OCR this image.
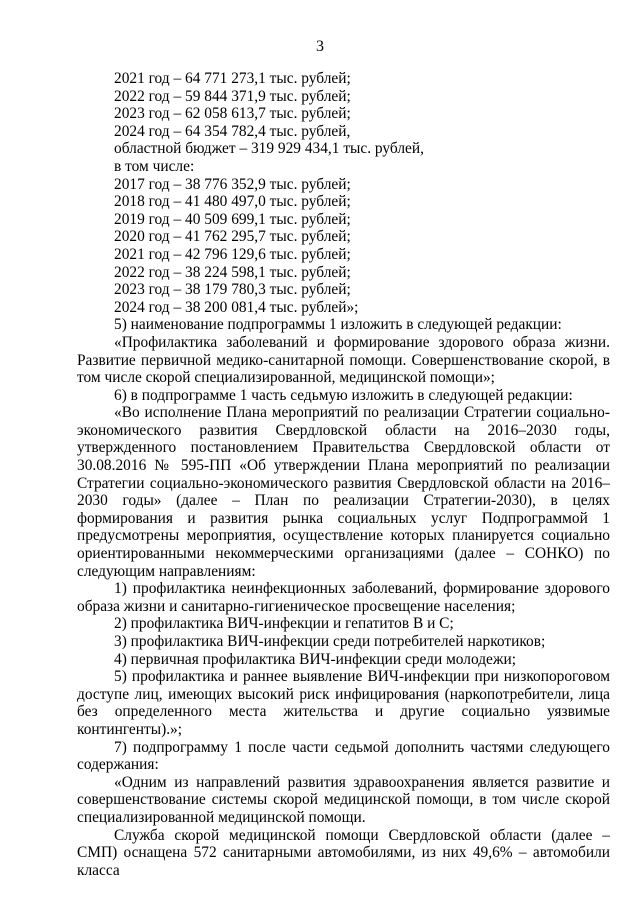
3

2021 год – 64 771 273,1 тыс. рублей;

2022 год – 59 844 371,9 тыс. рублей;

2023 год – 62 058 613,7 тыс. рублей;

2024 год – 64 354 782,4 тыс. рублей,

областной бюджет – 319 929 434,1 тыс. рублей,

в том числе:

2017 год – 38 776 352,9 тыс. рублей;

2018 год – 41 480 497,0 тыс. рублей;

2019 год – 40 509 699,1 тыс. рублей;

2020 год – 41 762 295,7 тыс. рублей;

2021 год – 42 796 129,6 тыс. рублей;

2022 год – 38 224 598,1 тыс. рублей;

2023 год – 38 179 780,3 тыс. рублей;

2024 год – 38 200 081,4 тыс. рублей»;

5) наименование подпрограммы 1 изложить в следующей редакции:

«Профилактика заболеваний и формирование здорового образа жизни. Развитие первичной медико-санитарной помощи. Совершенствование скорой, в том числе скорой специализированной, медицинской помощи»;

6) в подпрограмме 1 часть седьмую изложить в следующей редакции:

«Во исполнение Плана мероприятий по реализации Стратегии социально-экономического развития Свердловской области на 2016–2030 годы, утвержденного постановлением Правительства Свердловской области от 30.08.2016 № 595-ПП «Об утверждении Плана мероприятий по реализации Стратегии социально-экономического развития Свердловской области на 2016–2030 годы» (далее – План по реализации Стратегии-2030), в целях формирования и развития рынка социальных услуг Подпрограммой 1 предусмотрены мероприятия, осуществление которых планируется социально ориентированными некоммерческими организациями (далее – СОНКО) по следующим направлениям:

1) профилактика неинфекционных заболеваний, формирование здорового образа жизни и санитарно-гигиеническое просвещение населения;

2) профилактика ВИЧ-инфекции и гепатитов В и С;

3) профилактика ВИЧ-инфекции среди потребителей наркотиков;

4) первичная профилактика ВИЧ-инфекции среди молодежи;

5) профилактика и раннее выявление ВИЧ-инфекции при низкопороговом доступе лиц, имеющих высокий риск инфицирования (наркопотребители, лица без определенного места жительства и другие социально уязвимые контингенты).»;

7) подпрограмму 1 после части седьмой дополнить частями следующего содержания:

«Одним из направлений развития здравоохранения является развитие и совершенствование системы скорой медицинской помощи, в том числе скорой специализированной медицинской помощи.

Служба скорой медицинской помощи Свердловской области (далее – СМП) оснащена 572 санитарными автомобилями, из них 49,6% – автомобили класса
